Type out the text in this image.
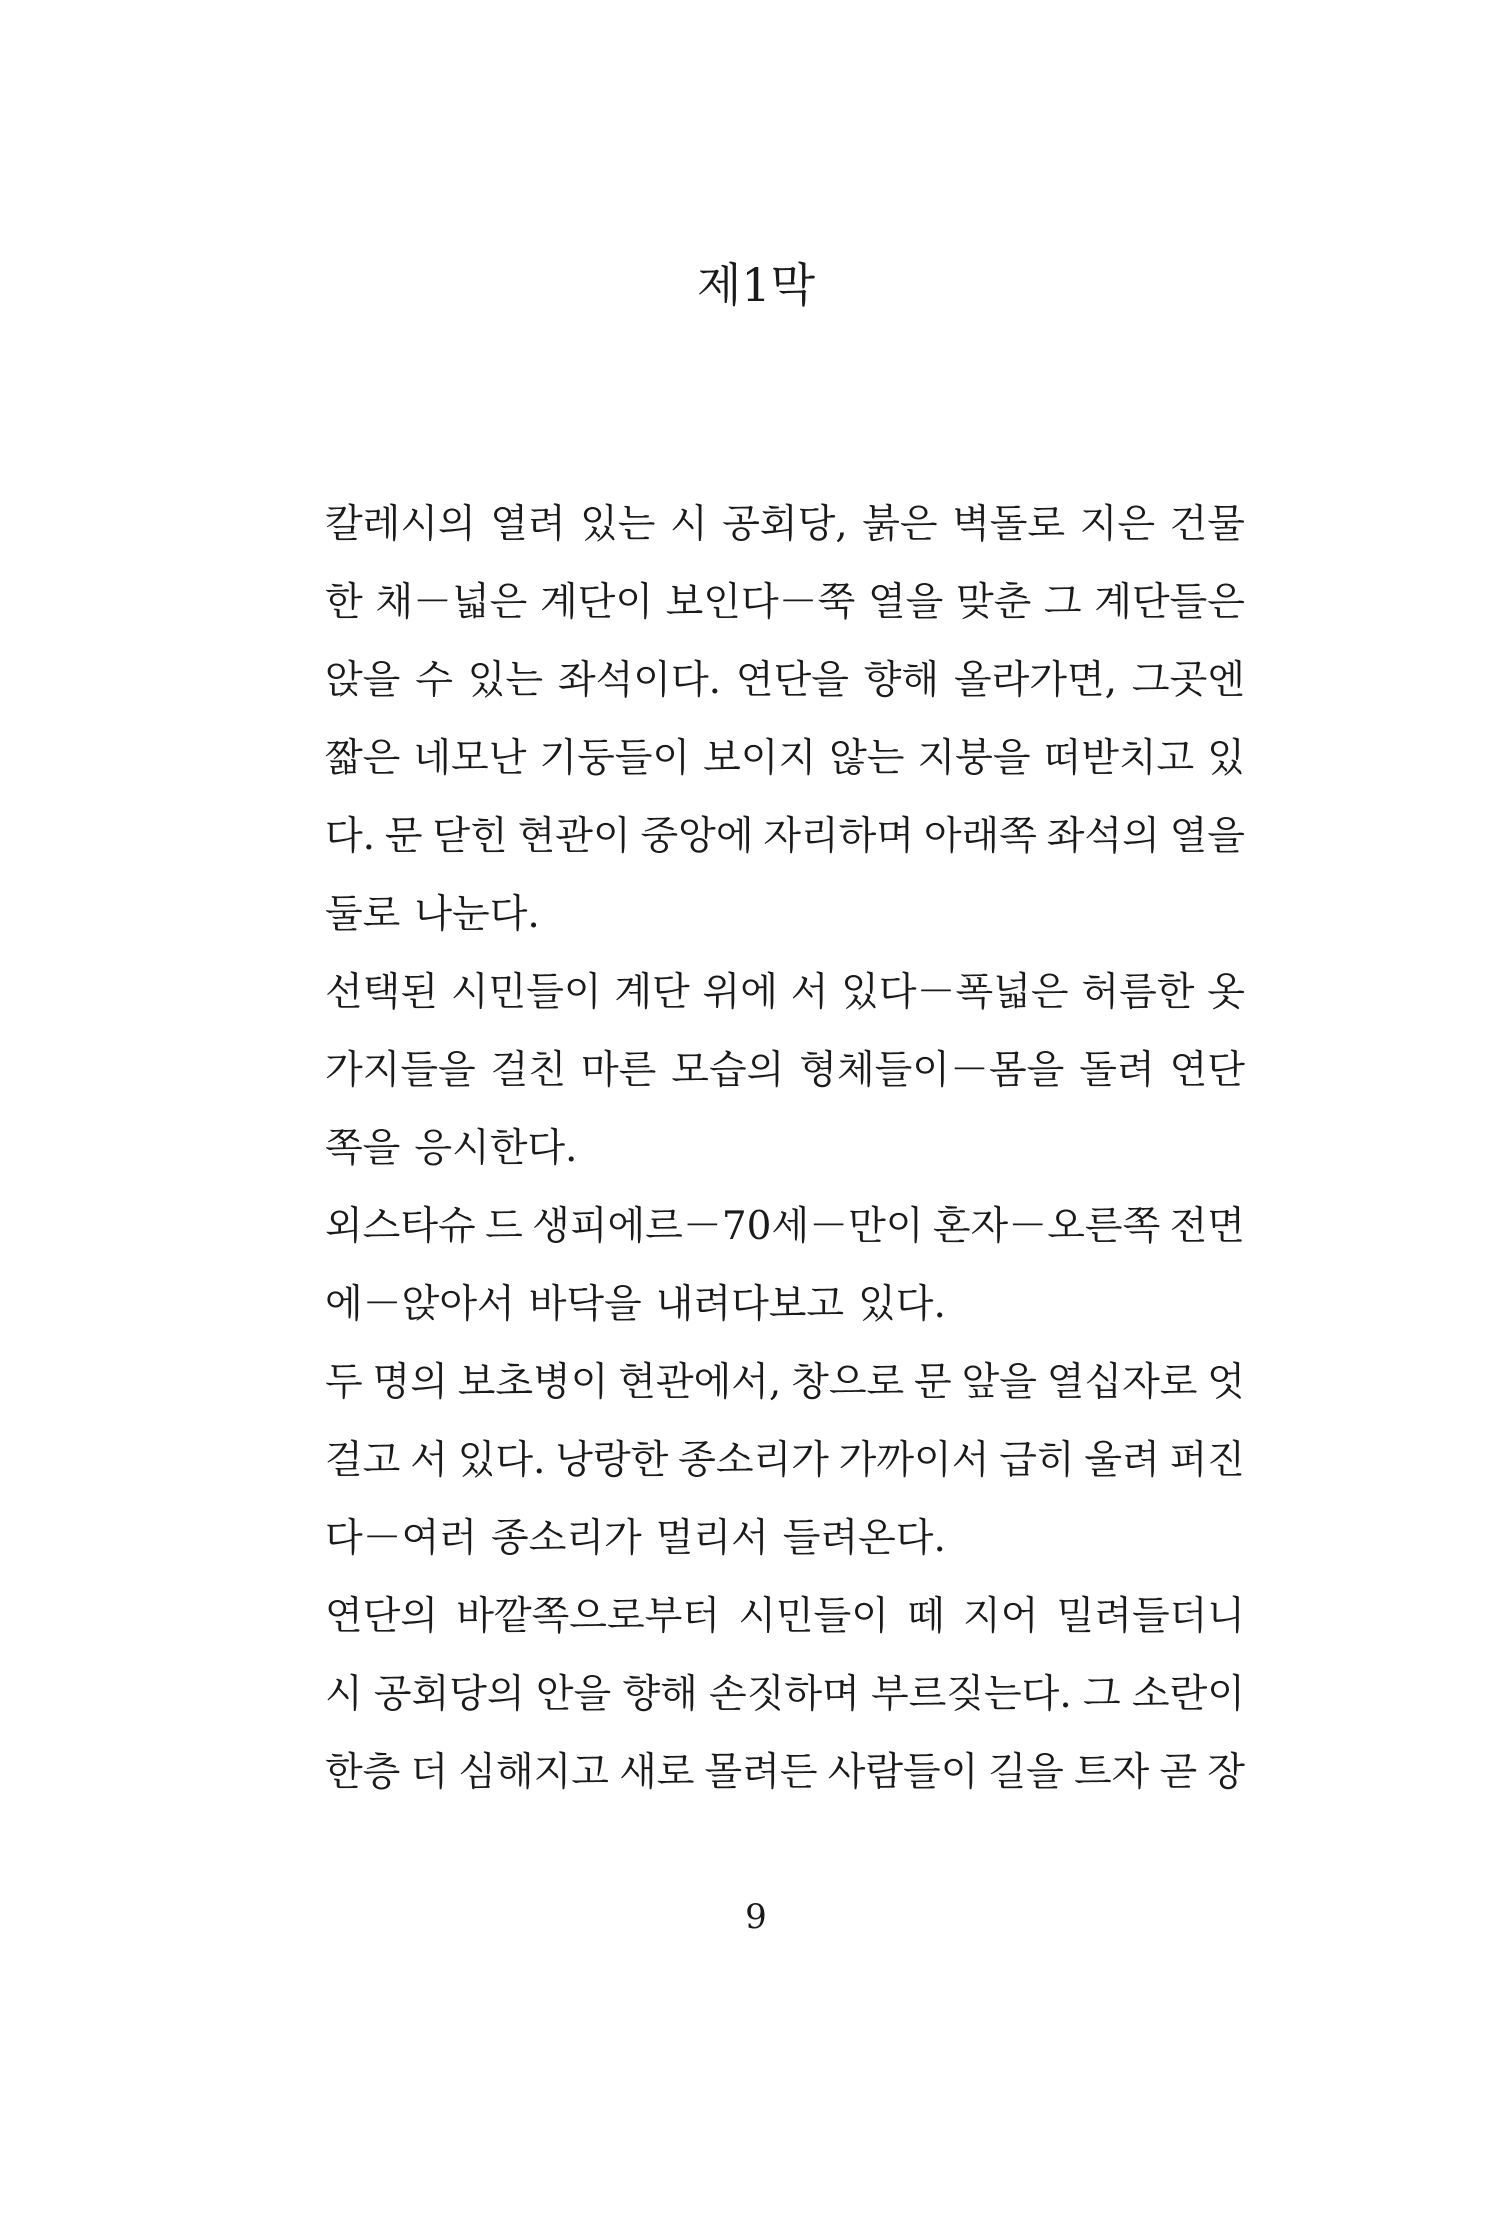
제1막
칼레시의 열려 있는 시 공회당, 붉은 벽돌로 지은 건물
한 채－넓은 계단이 보인다－쭉 열을 맞춘 그 계단들은
앉을 수 있는 좌석이다. 연단을 향해 올라가면, 그곳엔
짧은 네모난 기둥들이 보이지 않는 지붕을 떠받치고 있
다. 문 닫힌 현관이 중앙에 자리하며 아래쪽 좌석의 열을
둘로 나눈다.
선택된 시민들이 계단 위에 서 있다－폭넓은 허름한 옷
가지들을 걸친 마른 모습의 형체들이－몸을 돌려 연단
쪽을 응시한다.
외스타슈 드 생피에르－70세－만이 혼자－오른쪽 전면
에－앉아서 바닥을 내려다보고 있다.
두 명의 보초병이 현관에서, 창으로 문 앞을 열십자로 엇
걸고 서 있다. 낭랑한 종소리가 가까이서 급히 울려 퍼진
다－여러 종소리가 멀리서 들려온다.
연단의 바깥쪽으로부터 시민들이 떼 지어 밀려들더니
시 공회당의 안을 향해 손짓하며 부르짖는다. 그 소란이
한층 더 심해지고 새로 몰려든 사람들이 길을 트자 곧 장
9
